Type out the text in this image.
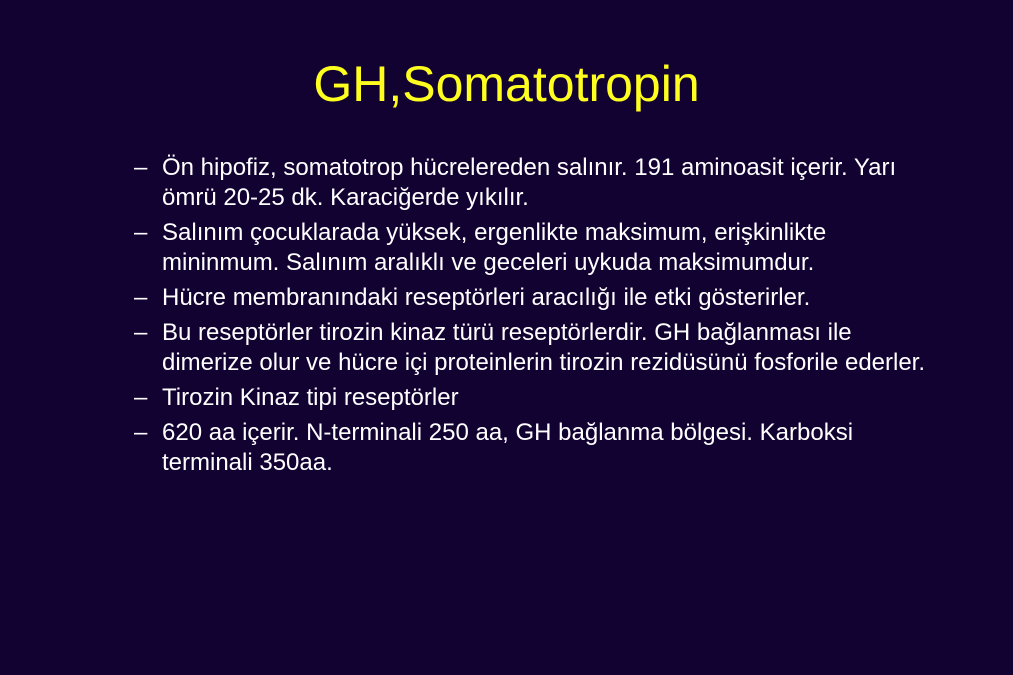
GH,Somatotropin
– Ön hipofiz, somatotrop hücrelereden salınır. 191 aminoasit içerir. Yarı ömrü 20-25 dk. Karaciğerde yıkılır.
– Salınım çocuklarada yüksek, ergenlikte maksimum, erişkinlikte mininmum. Salınım aralıklı ve geceleri uykuda maksimumdur.
– Hücre membranındaki reseptörleri aracılığı ile etki gösterirler.
– Bu reseptörler tirozin kinaz türü reseptörlerdir. GH bağlanması ile dimerize olur ve hücre içi proteinlerin tirozin rezidüsünü fosforile ederler.
– Tirozin Kinaz tipi reseptörler
– 620 aa içerir. N-terminali 250 aa, GH bağlanma bölgesi. Karboksi terminali 350aa.
